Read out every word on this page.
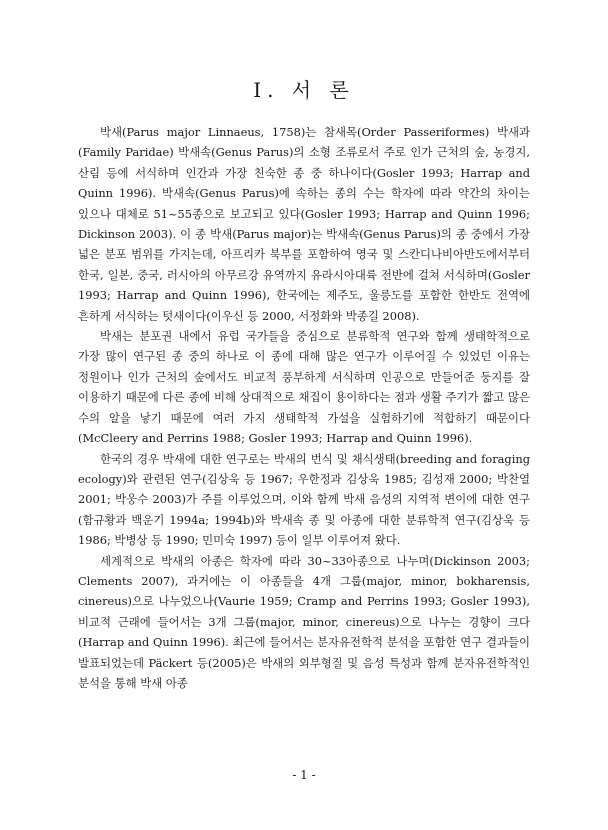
Ⅰ. 서 론

박새(Parus major Linnaeus, 1758)는 참새목(Order Passeriformes) 박새과(Family Paridae) 박새속(Genus Parus)의 소형 조류로서 주로 인가 근처의 숲, 농경지, 산림 등에 서식하며 인간과 가장 친숙한 종 중 하나이다(Gosler 1993; Harrap and Quinn 1996). 박새속(Genus Parus)에 속하는 종의 수는 학자에 따라 약간의 차이는 있으나 대체로 51~55종으로 보고되고 있다(Gosler 1993; Harrap and Quinn 1996; Dickinson 2003). 이 종 박새(Parus major)는 박새속(Genus Parus)의 종 중에서 가장 넓은 분포 범위를 가지는데, 아프리카 북부를 포함하여 영국 및 스칸디나비아반도에서부터 한국, 일본, 중국, 러시아의 아무르강 유역까지 유라시아대륙 전반에 걸쳐 서식하며(Gosler 1993; Harrap and Quinn 1996), 한국에는 제주도, 울릉도를 포함한 한반도 전역에 흔하게 서식하는 텃새이다(이우신 등 2000, 서정화와 박종길 2008).

박새는 분포권 내에서 유럽 국가들을 중심으로 분류학적 연구와 함께 생태학적으로 가장 많이 연구된 종 중의 하나로 이 종에 대해 많은 연구가 이루어질 수 있었던 이유는 정원이나 인가 근처의 숲에서도 비교적 풍부하게 서식하며 인공으로 만들어준 둥지를 잘 이용하기 때문에 다른 종에 비해 상대적으로 채집이 용이하다는 점과 생활 주기가 짧고 많은 수의 알을 낳기 때문에 여러 가지 생태학적 가설을 실험하기에 적합하기 때문이다(McCleery and Perrins 1988; Gosler 1993; Harrap and Quinn 1996).

한국의 경우 박새에 대한 연구로는 박새의 번식 및 채식생태(breeding and foraging ecology)와 관련된 연구(김상욱 등 1967; 우한정과 김상욱 1985; 김성재 2000; 박찬열 2001; 박웅수 2003)가 주를 이루었으며, 이와 함께 박새 음성의 지역적 변이에 대한 연구(함규황과 백운기 1994a; 1994b)와 박새속 종 및 아종에 대한 분류학적 연구(김상욱 등 1986; 박병상 등 1990; 민미숙 1997) 등이 일부 이루어져 왔다.

세계적으로 박새의 아종은 학자에 따라 30~33아종으로 나누며(Dickinson 2003; Clements 2007), 과거에는 이 아종들을 4개 그룹(major, minor, bokharensis, cinereus)으로 나누었으나(Vaurie 1959; Cramp and Perrins 1993; Gosler 1993), 비교적 근래에 들어서는 3개 그룹(major, minor, cinereus)으로 나누는 경향이 크다(Harrap and Quinn 1996). 최근에 들어서는 분자유전학적 분석을 포함한 연구 결과들이 발표되었는데 Päckert 등(2005)은 박새의 외부형질 및 음성 특성과 함께 분자유전학적인 분석을 통해 박새 아종

- 1 -
